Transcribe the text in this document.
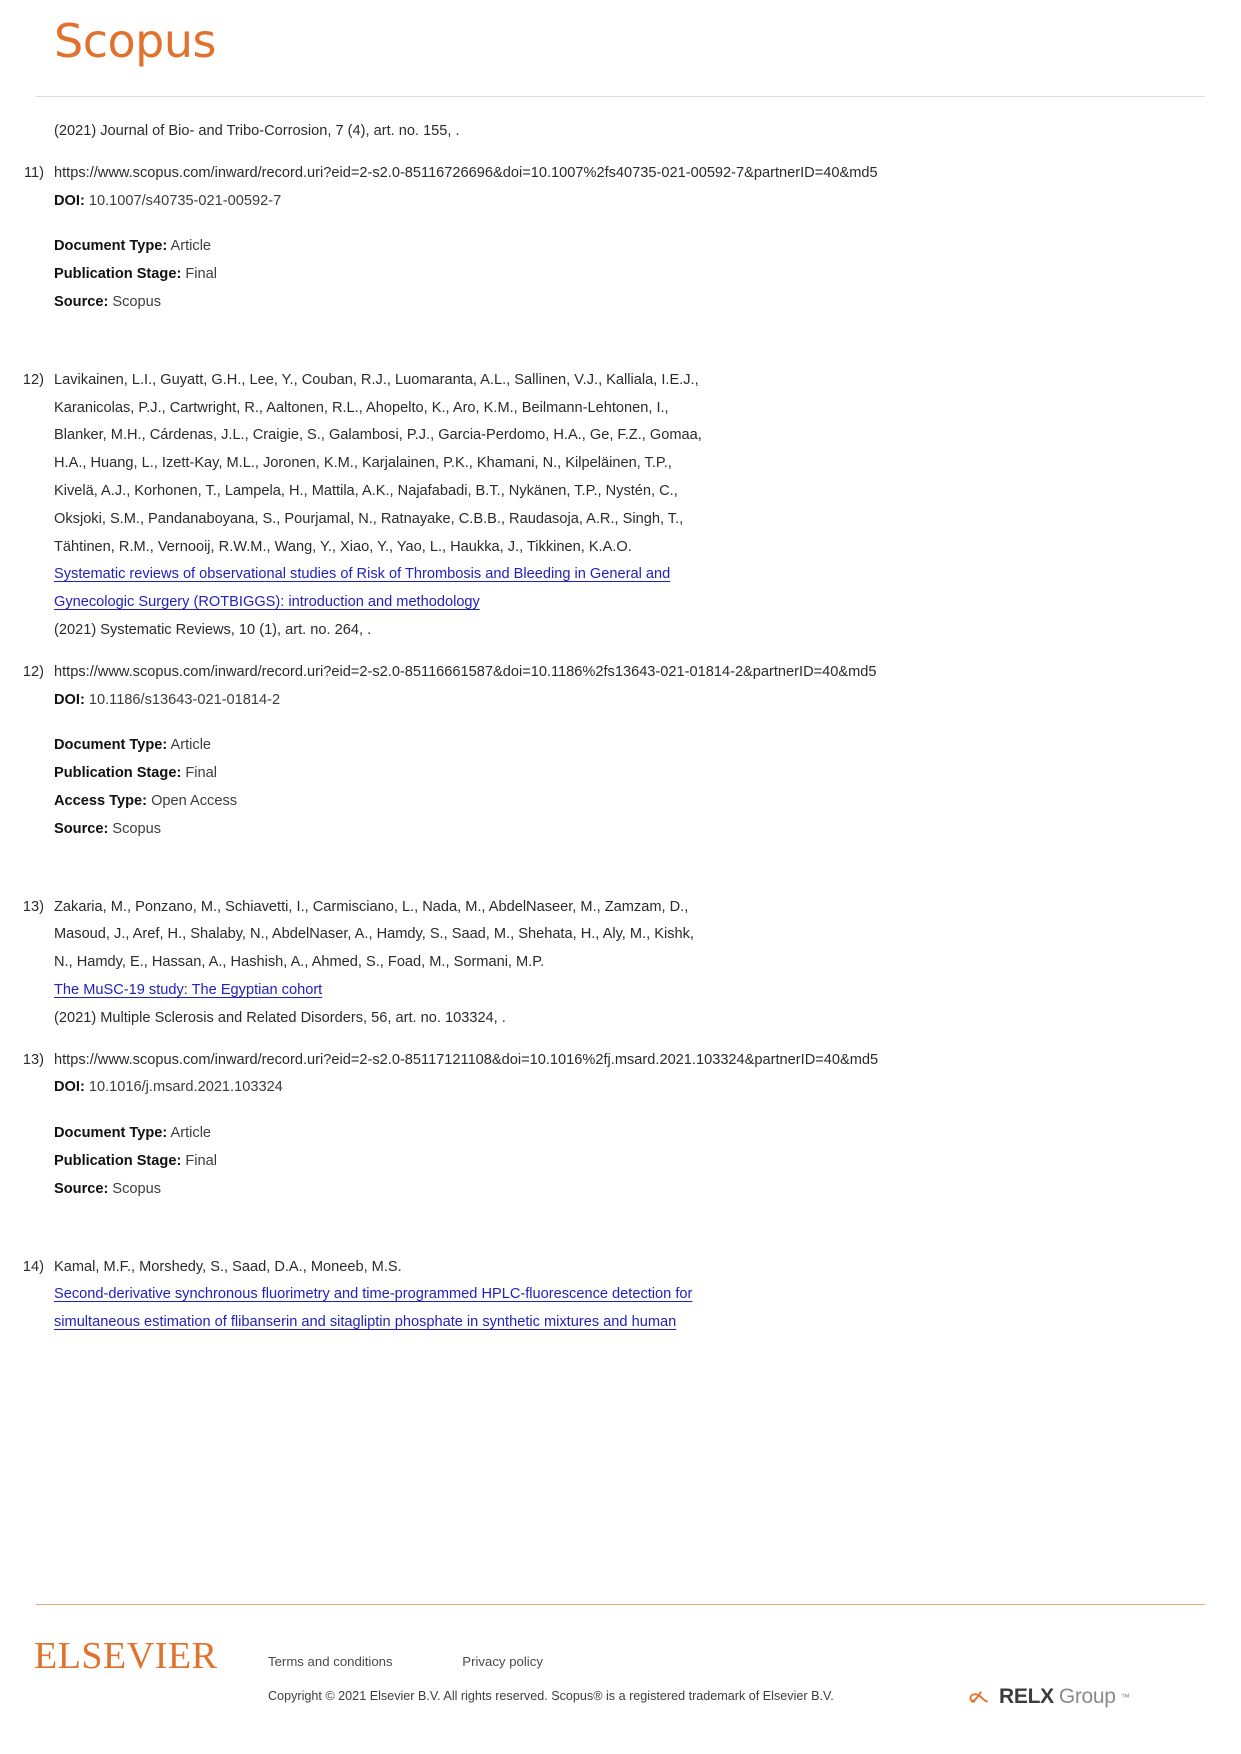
Scopus
(2021) Journal of Bio- and Tribo-Corrosion, 7 (4), art. no. 155, .
11) https://www.scopus.com/inward/record.uri?eid=2-s2.0-85116726696&doi=10.1007%2fs40735-021-00592-7&partnerID=40&md5
DOI: 10.1007/s40735-021-00592-7
Document Type: Article
Publication Stage: Final
Source: Scopus
12) Lavikainen, L.I., Guyatt, G.H., Lee, Y., Couban, R.J., Luomaranta, A.L., Sallinen, V.J., Kalliala, I.E.J.,
Karanicolas, P.J., Cartwright, R., Aaltonen, R.L., Ahopelto, K., Aro, K.M., Beilmann-Lehtonen, I.,
Blanker, M.H., Cárdenas, J.L., Craigie, S., Galambosi, P.J., Garcia-Perdomo, H.A., Ge, F.Z., Gomaa,
H.A., Huang, L., Izett-Kay, M.L., Joronen, K.M., Karjalainen, P.K., Khamani, N., Kilpeläinen, T.P.,
Kivelä, A.J., Korhonen, T., Lampela, H., Mattila, A.K., Najafabadi, B.T., Nykänen, T.P., Nystén, C.,
Oksjoki, S.M., Pandanaboyana, S., Pourjamal, N., Ratnayake, C.B.B., Raudasoja, A.R., Singh, T.,
Tähtinen, R.M., Vernooij, R.W.M., Wang, Y., Xiao, Y., Yao, L., Haukka, J., Tikkinen, K.A.O.
Systematic reviews of observational studies of Risk of Thrombosis and Bleeding in General and
Gynecologic Surgery (ROTBIGGS): introduction and methodology
(2021) Systematic Reviews, 10 (1), art. no. 264, .
12) https://www.scopus.com/inward/record.uri?eid=2-s2.0-85116661587&doi=10.1186%2fs13643-021-01814-2&partnerID=40&md5
DOI: 10.1186/s13643-021-01814-2
Document Type: Article
Publication Stage: Final
Access Type: Open Access
Source: Scopus
13) Zakaria, M., Ponzano, M., Schiavetti, I., Carmisciano, L., Nada, M., AbdelNaseer, M., Zamzam, D.,
Masoud, J., Aref, H., Shalaby, N., AbdelNaser, A., Hamdy, S., Saad, M., Shehata, H., Aly, M., Kishk,
N., Hamdy, E., Hassan, A., Hashish, A., Ahmed, S., Foad, M., Sormani, M.P.
The MuSC-19 study: The Egyptian cohort
(2021) Multiple Sclerosis and Related Disorders, 56, art. no. 103324, .
13) https://www.scopus.com/inward/record.uri?eid=2-s2.0-85117121108&doi=10.1016%2fj.msard.2021.103324&partnerID=40&md5
DOI: 10.1016/j.msard.2021.103324
Document Type: Article
Publication Stage: Final
Source: Scopus
14) Kamal, M.F., Morshedy, S., Saad, D.A., Moneeb, M.S.
Second-derivative synchronous fluorimetry and time-programmed HPLC-fluorescence detection for
simultaneous estimation of flibanserin and sitagliptin phosphate in synthetic mixtures and human
ELSEVIER	Terms and conditions	Privacy policy
Copyright © 2021 Elsevier B.V. All rights reserved. Scopus® is a registered trademark of Elsevier B.V.	RELX Group ™
